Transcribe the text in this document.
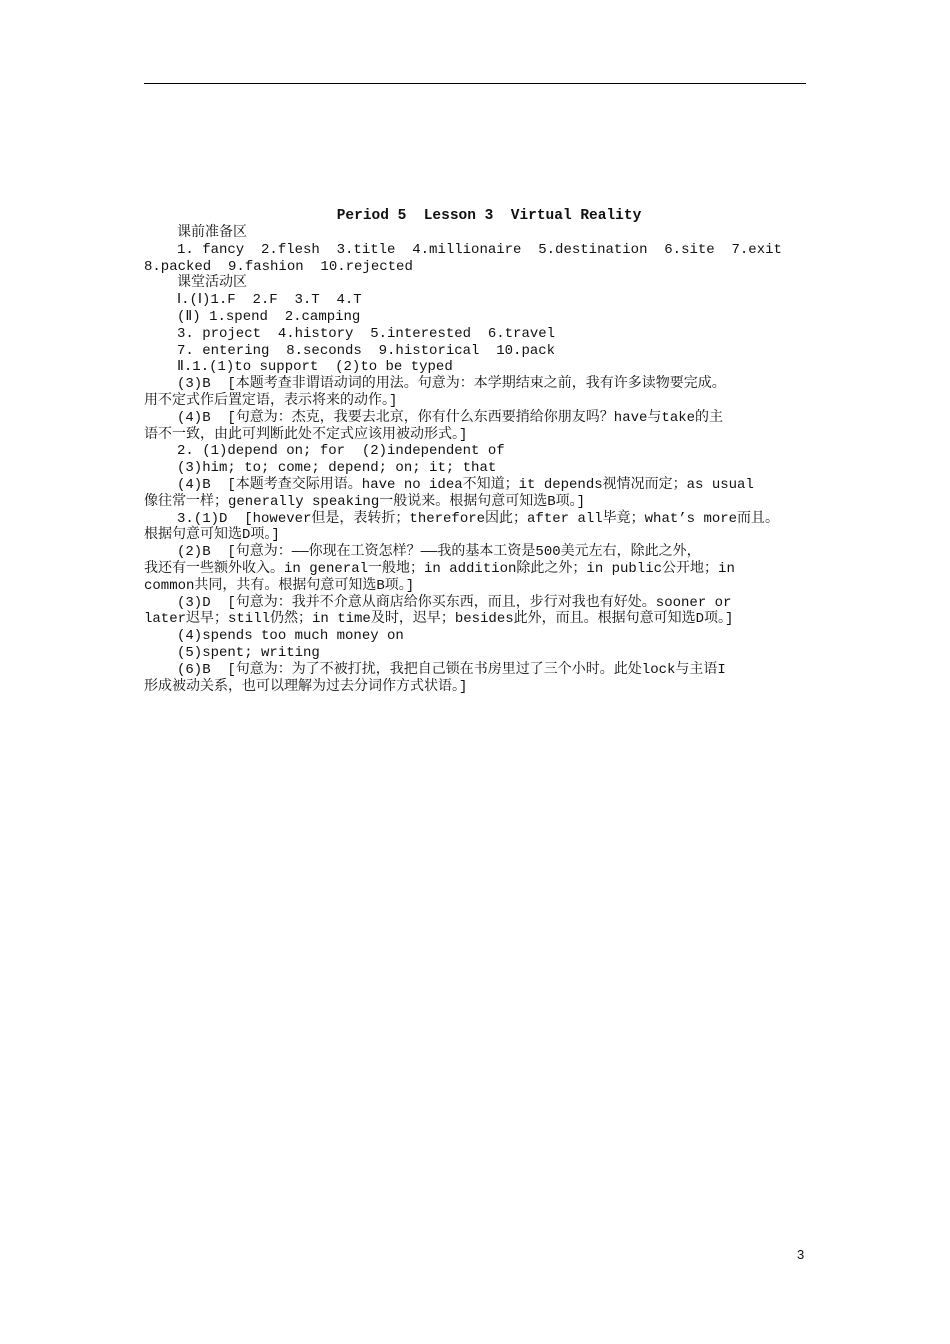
Period 5  Lesson 3  Virtual Reality
课前准备区
1. fancy  2.flesh  3.title  4.millionaire  5.destination  6.site  7.exit
8.packed  9.fashion  10.rejected
课堂活动区
Ⅰ.(Ⅰ)1.F  2.F  3.T  4.T
(Ⅱ) 1.spend  2.camping
3. project  4.history  5.interested  6.travel
7. entering  8.seconds  9.historical  10.pack
Ⅱ.1.(1)to support  (2)to be typed
(3)B  [本题考查非谓语动词的用法。句意为：本学期结束之前，我有许多读物要完成。
用不定式作后置定语，表示将来的动作。]
(4)B  [句意为：杰克，我要去北京，你有什么东西要捎给你朋友吗？have与take的主
语不一致，由此可判断此处不定式应该用被动形式。]
2. (1)depend on; for  (2)independent of
(3)him; to; come; depend; on; it; that
(4)B  [本题考查交际用语。have no idea不知道；it depends视情况而定；as usual
像往常一样；generally speaking一般说来。根据句意可知选B项。]
3.(1)D  [however但是，表转折；therefore因此；after all毕竟；what’s more而且。
根据句意可知选D项。]
(2)B  [句意为：——你现在工资怎样？——我的基本工资是500美元左右，除此之外，
我还有一些额外收入。in general一般地；in addition除此之外；in public公开地；in
common共同，共有。根据句意可知选B项。]
(3)D  [句意为：我并不介意从商店给你买东西，而且，步行对我也有好处。sooner or
later迟早；still仍然；in time及时，迟早；besides此外，而且。根据句意可知选D项。]
(4)spends too much money on
(5)spent; writing
(6)B  [句意为：为了不被打扰，我把自己锁在书房里过了三个小时。此处lock与主语I
形成被动关系，也可以理解为过去分词作方式状语。]
3
